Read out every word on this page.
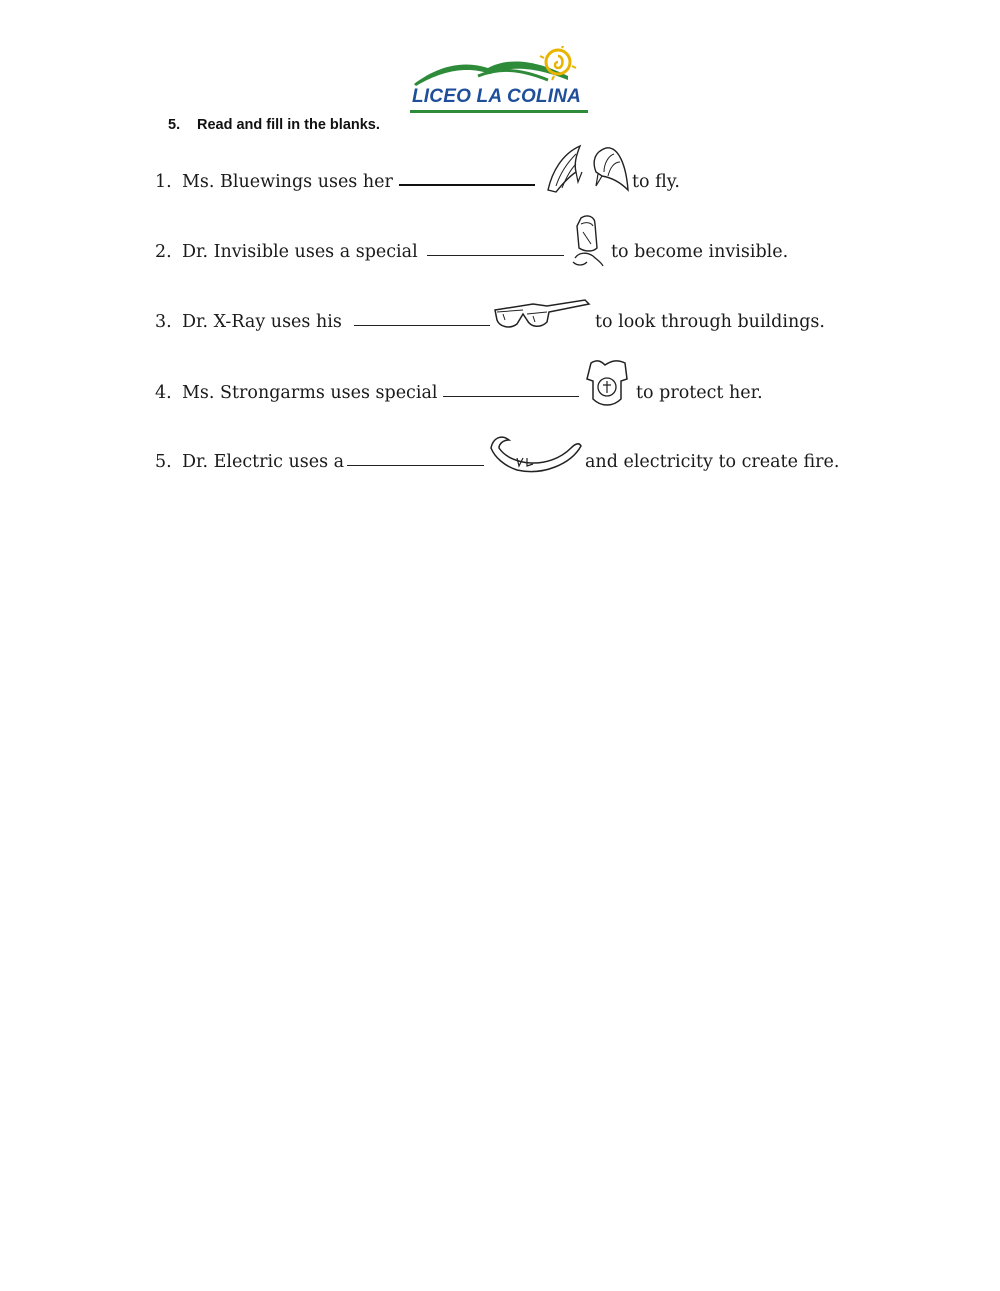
LICEO LA COLINA
5. Read and fill in the blanks.
1. Ms. Bluewings uses her	to fly.
2. Dr. Invisible uses a special	to become invisible.
3. Dr. X-Ray uses his	to look through buildings.
4. Ms. Strongarms uses special	to protect her.
5. Dr. Electric uses a	and electricity to create fire.
